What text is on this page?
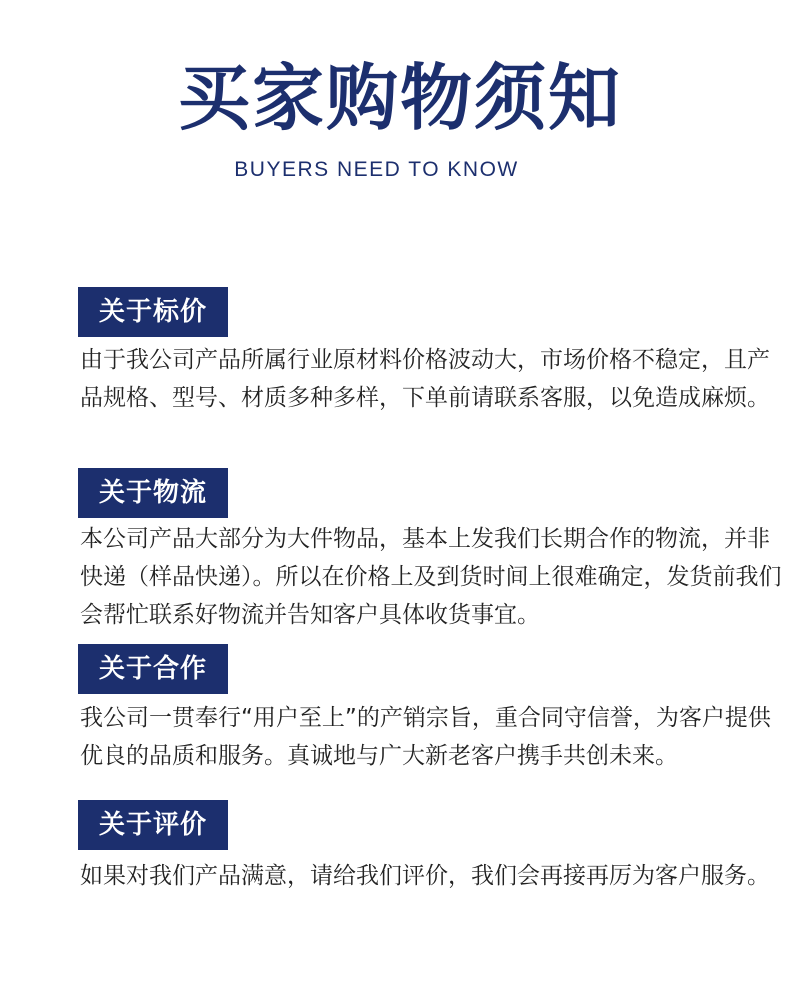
买家购物须知
BUYERS NEED TO KNOW
关于标价

由于我公司产品所属行业原材料价格波动大，市场价格不稳定，且产品规格、型号、材质多种多样，下单前请联系客服，以免造成麻烦。

关于物流

本公司产品大部分为大件物品，基本上发我们长期合作的物流，并非快递（样品快递）。所以在价格上及到货时间上很难确定，发货前我们会帮忙联系好物流并告知客户具体收货事宜。

关于合作

我公司一贯奉行“用户至上”的产销宗旨，重合同守信誉，为客户提供优良的品质和服务。真诚地与广大新老客户携手共创未来。

关于评价

如果对我们产品满意，请给我们评价，我们会再接再厉为客户服务。
